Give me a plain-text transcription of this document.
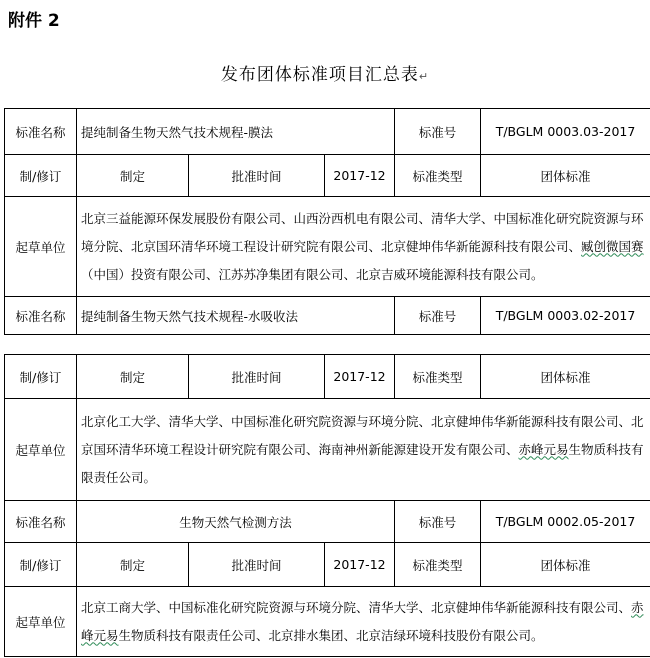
附件 2
发布团体标准项目汇总表↵
标准名称	提纯制备生物天然气技术规程-膜法			标准号	T/BGLM 0003.03-2017
制/修订	制定	批准时间	2017-12	标准类型	团体标准
起草单位	北京三益能源环保发展股份有限公司、山西汾西机电有限公司、清华大学、中国标准化研究院资源与环境分院、北京国环清华环境工程设计研究院有限公司、北京健坤伟华新能源科技有限公司、臧创微国赛（中国）投资有限公司、江苏苏净集团有限公司、北京吉威环境能源科技有限公司。				
标准名称	提纯制备生物天然气技术规程-水吸收法			标准号	T/BGLM 0003.02-2017
制/修订	制定	批准时间	2017-12	标准类型	团体标准
起草单位	北京化工大学、清华大学、中国标准化研究院资源与环境分院、北京健坤伟华新能源科技有限公司、北京国环清华环境工程设计研究院有限公司、海南神州新能源建设开发有限公司、赤峰元易生物质科技有限责任公司。				
标准名称	生物天然气检测方法			标准号	T/BGLM 0002.05-2017
制/修订	制定	批准时间	2017-12	标准类型	团体标准
起草单位	北京工商大学、中国标准化研究院资源与环境分院、清华大学、北京健坤伟华新能源科技有限公司、赤峰元易生物质科技有限责任公司、北京排水集团、北京洁绿环境科技股份有限公司。				
